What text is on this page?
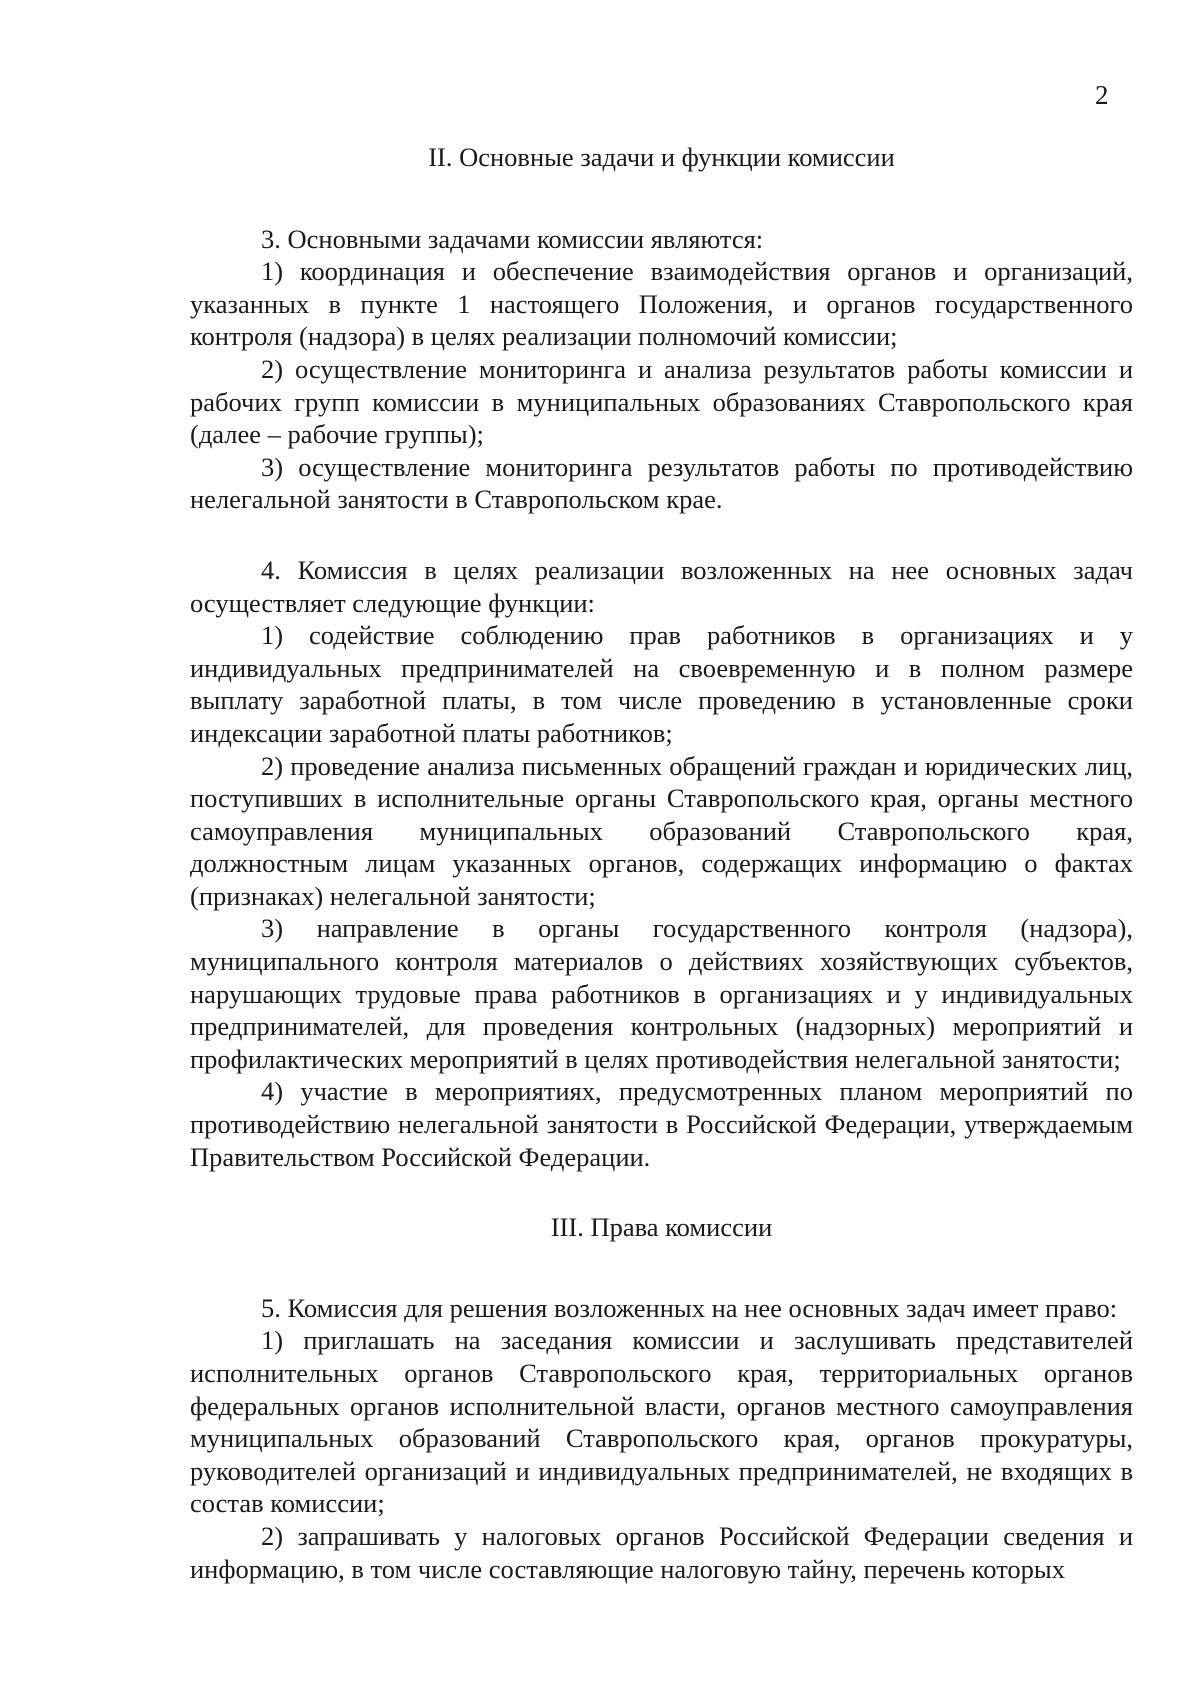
2
II. Основные задачи и функции комиссии

3. Основными задачами комиссии являются:

1) координация и обеспечение взаимодействия органов и организаций, указанных в пункте 1 настоящего Положения, и органов государственного контроля (надзора) в целях реализации полномочий комиссии;

2) осуществление мониторинга и анализа результатов работы комиссии и рабочих групп комиссии в муниципальных образованиях Ставропольского края (далее – рабочие группы);

3) осуществление мониторинга результатов работы по противодействию нелегальной занятости в Ставропольском крае.

4. Комиссия в целях реализации возложенных на нее основных задач осуществляет следующие функции:

1) содействие соблюдению прав работников в организациях и у индивидуальных предпринимателей на своевременную и в полном размере выплату заработной платы, в том числе проведению в установленные сроки индексации заработной платы работников;

2) проведение анализа письменных обращений граждан и юридических лиц, поступивших в исполнительные органы Ставропольского края, органы местного самоуправления муниципальных образований Ставропольского края, должностным лицам указанных органов, содержащих информацию о фактах (признаках) нелегальной занятости;

3) направление в органы государственного контроля (надзора), муниципального контроля материалов о действиях хозяйствующих субъектов, нарушающих трудовые права работников в организациях и у индивидуальных предпринимателей, для проведения контрольных (надзорных) мероприятий и профилактических мероприятий в целях противодействия нелегальной занятости;

4) участие в мероприятиях, предусмотренных планом мероприятий по противодействию нелегальной занятости в Российской Федерации, утверждаемым Правительством Российской Федерации.

III. Права комиссии

5. Комиссия для решения возложенных на нее основных задач имеет право:

1) приглашать на заседания комиссии и заслушивать представителей исполнительных органов Ставропольского края, территориальных органов федеральных органов исполнительной власти, органов местного самоуправления муниципальных образований Ставропольского края, органов прокуратуры, руководителей организаций и индивидуальных предпринимателей, не входящих в состав комиссии;

2) запрашивать у налоговых органов Российской Федерации сведения и информацию, в том числе составляющие налоговую тайну, перечень которых
